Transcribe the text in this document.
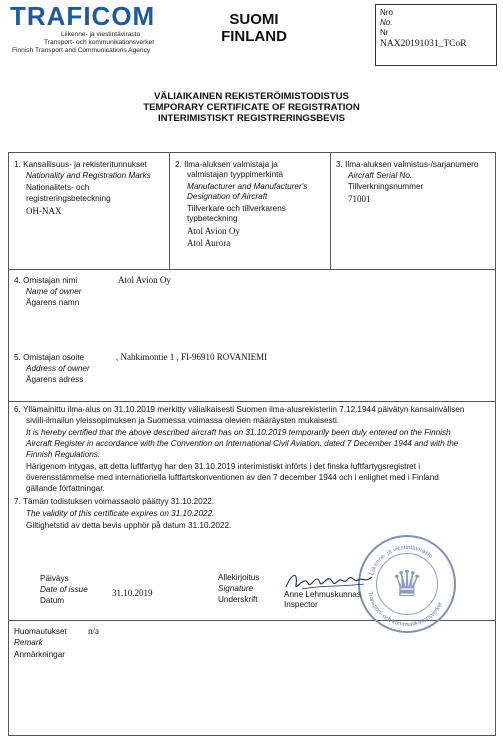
TRAFICOM
Liikenne- ja viestintävirasto
Transport- och kommunikationsverket
Finnish Transport and Communications Agency
SUOMI
FINLAND
Nro
No.
Nr
NAX20191031_TCoR
VÄLIAIKAINEN REKISTERÖIMISTODISTUS
TEMPORARY CERTIFICATE OF REGISTRATION
INTERIMISTISKT REGISTRERINGSBEVIS
1. Kansallisuus- ja rekisteritunnukset
Nationality and Registration Marks
Nationalitets- och
registreringsbeteckning
OH-NAX
2. Ilma-aluksen valmistaja ja
valmistajan tyyppimerkintä
Manufacturer and Manufacturer's
Designation of Aircraft
Tillverkare och tillverkarens
typbeteckning
Atol Avion Oy
Atol Aurora
3. Ilma-aluksen valmistus-/sarjanumero
Aircraft Serial No.
Tillverkningsnummer
71001
4. Omistajan nimi
Name of owner
Ägarens namn
Atol Avion Oy
5. Omistajan osoite
Address of owner
Ägarens adress
, Nahkimontie 1 , FI-96910 ROVANIEMI
6. Yllämainittu ilma-alus on 31.10.2019 merkitty väliaikaisesti Suomen ilma-alusrekisteriin 7.12.1944 päivätyn kansainvälisen
siviili-ilmailun yleissopimuksen ja Suomessa voimassa olevien määräysten mukaisesti.
It is hereby certified that the above described aircraft has on 31.10.2019 temporarily been duly entered on the Finnish
Aircraft Register in accordance with the Convention on International Civil Aviation, dated 7 December 1944 and with the
Finnish Regulations.
Härigenom intygas, att detta luftfartyg har den 31.10.2019 interimistiskt införts i det finska luftfartygsregistret i
överensstämmelse med internationella luftfartskonventionen av den 7 december 1944 och i enlighet med i Finland
gällande författningar.
7. Tämän todistuksen voimassaolo päättyy 31.10.2022.
The validity of this certificate expires on 31.10.2022.
Giltighetstid av detta bevis upphör på datum 31.10.2022.
Päiväys
Date of issue
Datum
31.10.2019
Allekirjoitus
Signature
Underskrift	♛
Liikenne- ja viestintävirasto
Transport- och kommunikationsverket
Anne Lehmuskunnas
Inspector
Huomautukset
Remark
Anmärkningar
n/a
